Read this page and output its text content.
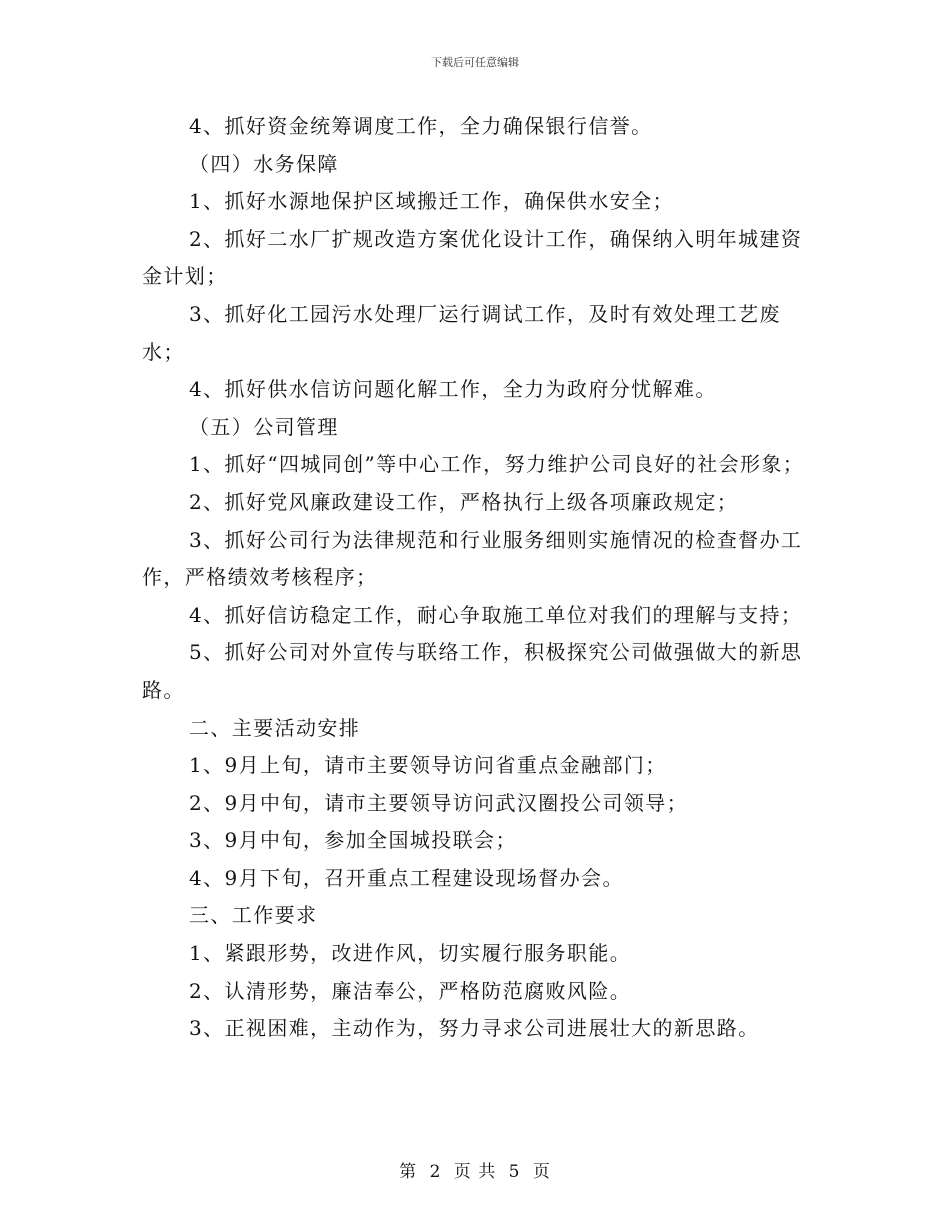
下载后可任意编辑

4、抓好资金统筹调度工作，全力确保银行信誉。

（四）水务保障

1、抓好水源地保护区域搬迁工作，确保供水安全；

2、抓好二水厂扩规改造方案优化设计工作，确保纳入明年城建资金计划；

3、抓好化工园污水处理厂运行调试工作，及时有效处理工艺废水；

4、抓好供水信访问题化解工作，全力为政府分忧解难。

（五）公司管理

1、抓好“四城同创”等中心工作，努力维护公司良好的社会形象；

2、抓好党风廉政建设工作，严格执行上级各项廉政规定；

3、抓好公司行为法律规范和行业服务细则实施情况的检查督办工作，严格绩效考核程序；

4、抓好信访稳定工作，耐心争取施工单位对我们的理解与支持；

5、抓好公司对外宣传与联络工作，积极探究公司做强做大的新思路。

二、主要活动安排

1、9月上旬，请市主要领导访问省重点金融部门；

2、9月中旬，请市主要领导访问武汉圈投公司领导；

3、9月中旬，参加全国城投联会；

4、9月下旬，召开重点工程建设现场督办会。

三、工作要求

1、紧跟形势，改进作风，切实履行服务职能。

2、认清形势，廉洁奉公，严格防范腐败风险。

3、正视困难，主动作为，努力寻求公司进展壮大的新思路。

第 2 页 共 5 页
